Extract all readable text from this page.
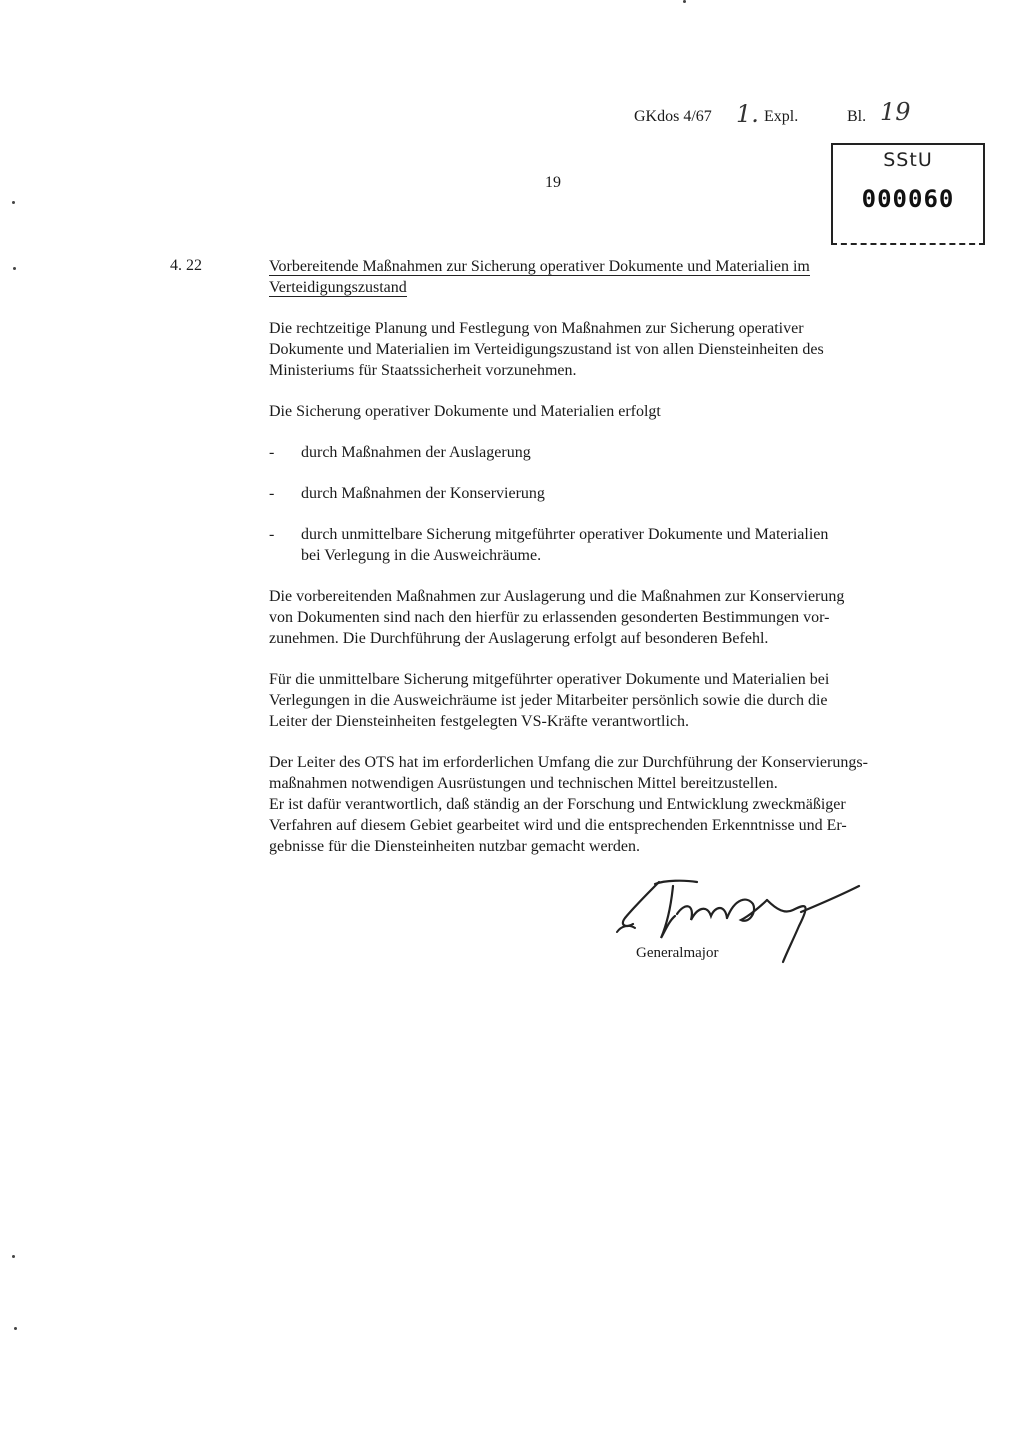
GKdos 4/67 1. Expl.	Bl. 19
SStU
000060
19
4. 22	Vorbereitende Maßnahmen zur Sicherung operativer Dokumente und Materialien im
Verteidigungszustand

Die rechtzeitige Planung und Festlegung von Maßnahmen zur Sicherung operativer
Dokumente und Materialien im Verteidigungszustand ist von allen Diensteinheiten des
Ministeriums für Staatssicherheit vorzunehmen.

Die Sicherung operativer Dokumente und Materialien erfolgt

- durch Maßnahmen der Auslagerung
- durch Maßnahmen der Konservierung
- durch unmittelbare Sicherung mitgeführter operativer Dokumente und Materialien
bei Verlegung in die Ausweichräume.

Die vorbereitenden Maßnahmen zur Auslagerung und die Maßnahmen zur Konservierung
von Dokumenten sind nach den hierfür zu erlassenden gesonderten Bestimmungen vor-
zunehmen. Die Durchführung der Auslagerung erfolgt auf besonderen Befehl.

Für die unmittelbare Sicherung mitgeführter operativer Dokumente und Materialien bei
Verlegungen in die Ausweichräume ist jeder Mitarbeiter persönlich sowie die durch die
Leiter der Diensteinheiten festgelegten VS-Kräfte verantwortlich.

Der Leiter des OTS hat im erforderlichen Umfang die zur Durchführung der Konservierungs-
maßnahmen notwendigen Ausrüstungen und technischen Mittel bereitzustellen.
Er ist dafür verantwortlich, daß ständig an der Forschung und Entwicklung zweckmäßiger
Verfahren auf diesem Gebiet gearbeitet wird und die entsprechenden Erkenntnisse und Er-
gebnisse für die Diensteinheiten nutzbar gemacht werden.

Generalmajor
